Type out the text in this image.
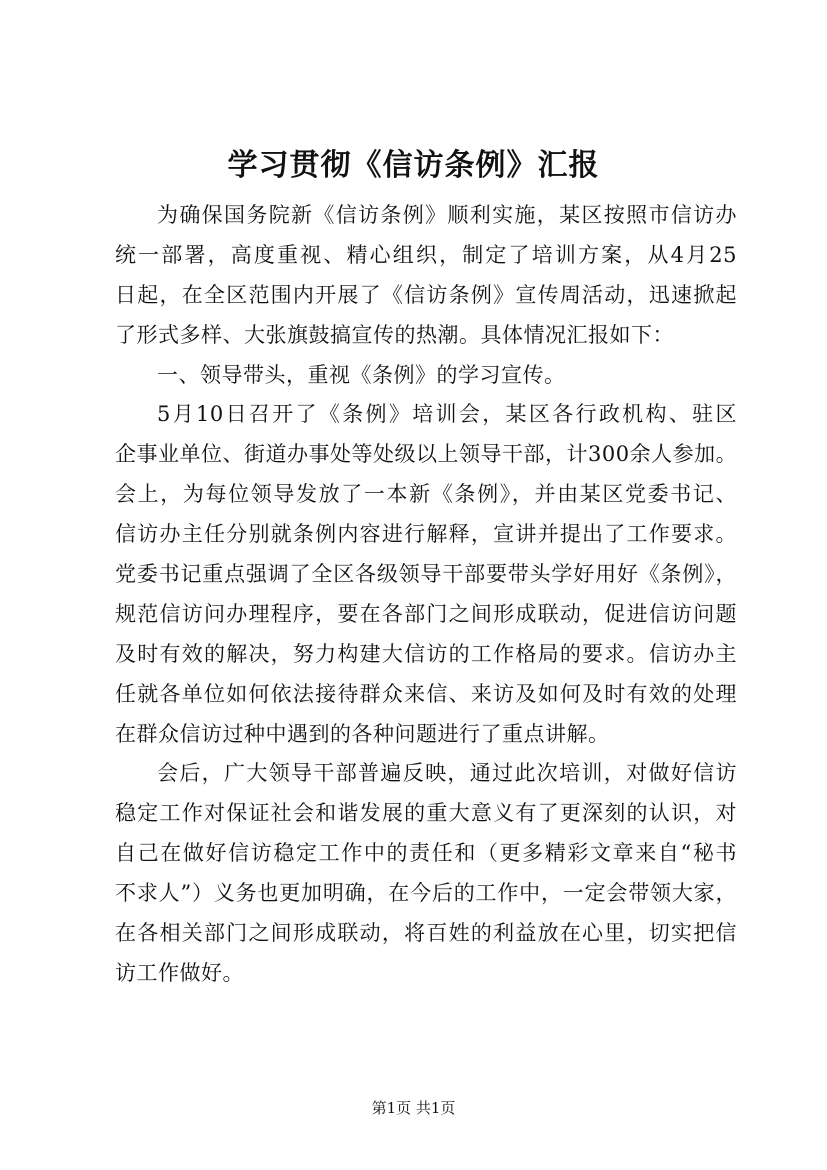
学习贯彻《信访条例》汇报
为确保国务院新《信访条例》顺利实施，某区按照市信访办
统一部署，高度重视、精心组织，制定了培训方案，从4月25
日起，在全区范围内开展了《信访条例》宣传周活动，迅速掀起
了形式多样、大张旗鼓搞宣传的热潮。具体情况汇报如下：
一、领导带头，重视《条例》的学习宣传。
5月10日召开了《条例》培训会，某区各行政机构、驻区
企事业单位、街道办事处等处级以上领导干部，计300余人参加。
会上，为每位领导发放了一本新《条例》，并由某区党委书记、
信访办主任分别就条例内容进行解释，宣讲并提出了工作要求。
党委书记重点强调了全区各级领导干部要带头学好用好《条例》，
规范信访问办理程序，要在各部门之间形成联动，促进信访问题
及时有效的解决，努力构建大信访的工作格局的要求。信访办主
任就各单位如何依法接待群众来信、来访及如何及时有效的处理
在群众信访过种中遇到的各种问题进行了重点讲解。
会后，广大领导干部普遍反映，通过此次培训，对做好信访
稳定工作对保证社会和谐发展的重大意义有了更深刻的认识，对
自己在做好信访稳定工作中的责任和（更多精彩文章来自“秘书
不求人”）义务也更加明确，在今后的工作中，一定会带领大家，
在各相关部门之间形成联动，将百姓的利益放在心里，切实把信
访工作做好。
第1页 共1页
